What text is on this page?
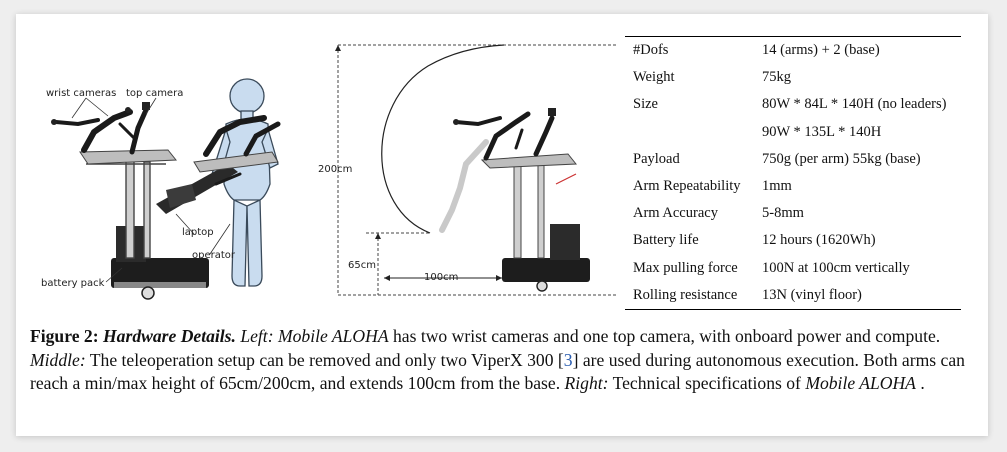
wrist cameras top camera
laptop
operator
battery pack
200cm
65cm
100cm
#Dofs	14 (arms) + 2 (base)
Weight	75kg
Size	80W * 84L * 140H (no leaders)
	90W * 135L * 140H
Payload	750g (per arm) 55kg (base)
Arm Repeatability	1mm
Arm Accuracy	5-8mm
Battery life	12 hours (1620Wh)
Max pulling force	100N at 100cm vertically
Rolling resistance	13N (vinyl floor)
Figure 2: Hardware Details. Left: Mobile ALOHA has two wrist cameras and one top camera, with onboard power and compute. Middle: The teleoperation setup can be removed and only two ViperX 300 [3] are used during autonomous execution. Both arms can reach a min/max height of 65cm/200cm, and extends 100cm from the base. Right: Technical specifications of Mobile ALOHA .
